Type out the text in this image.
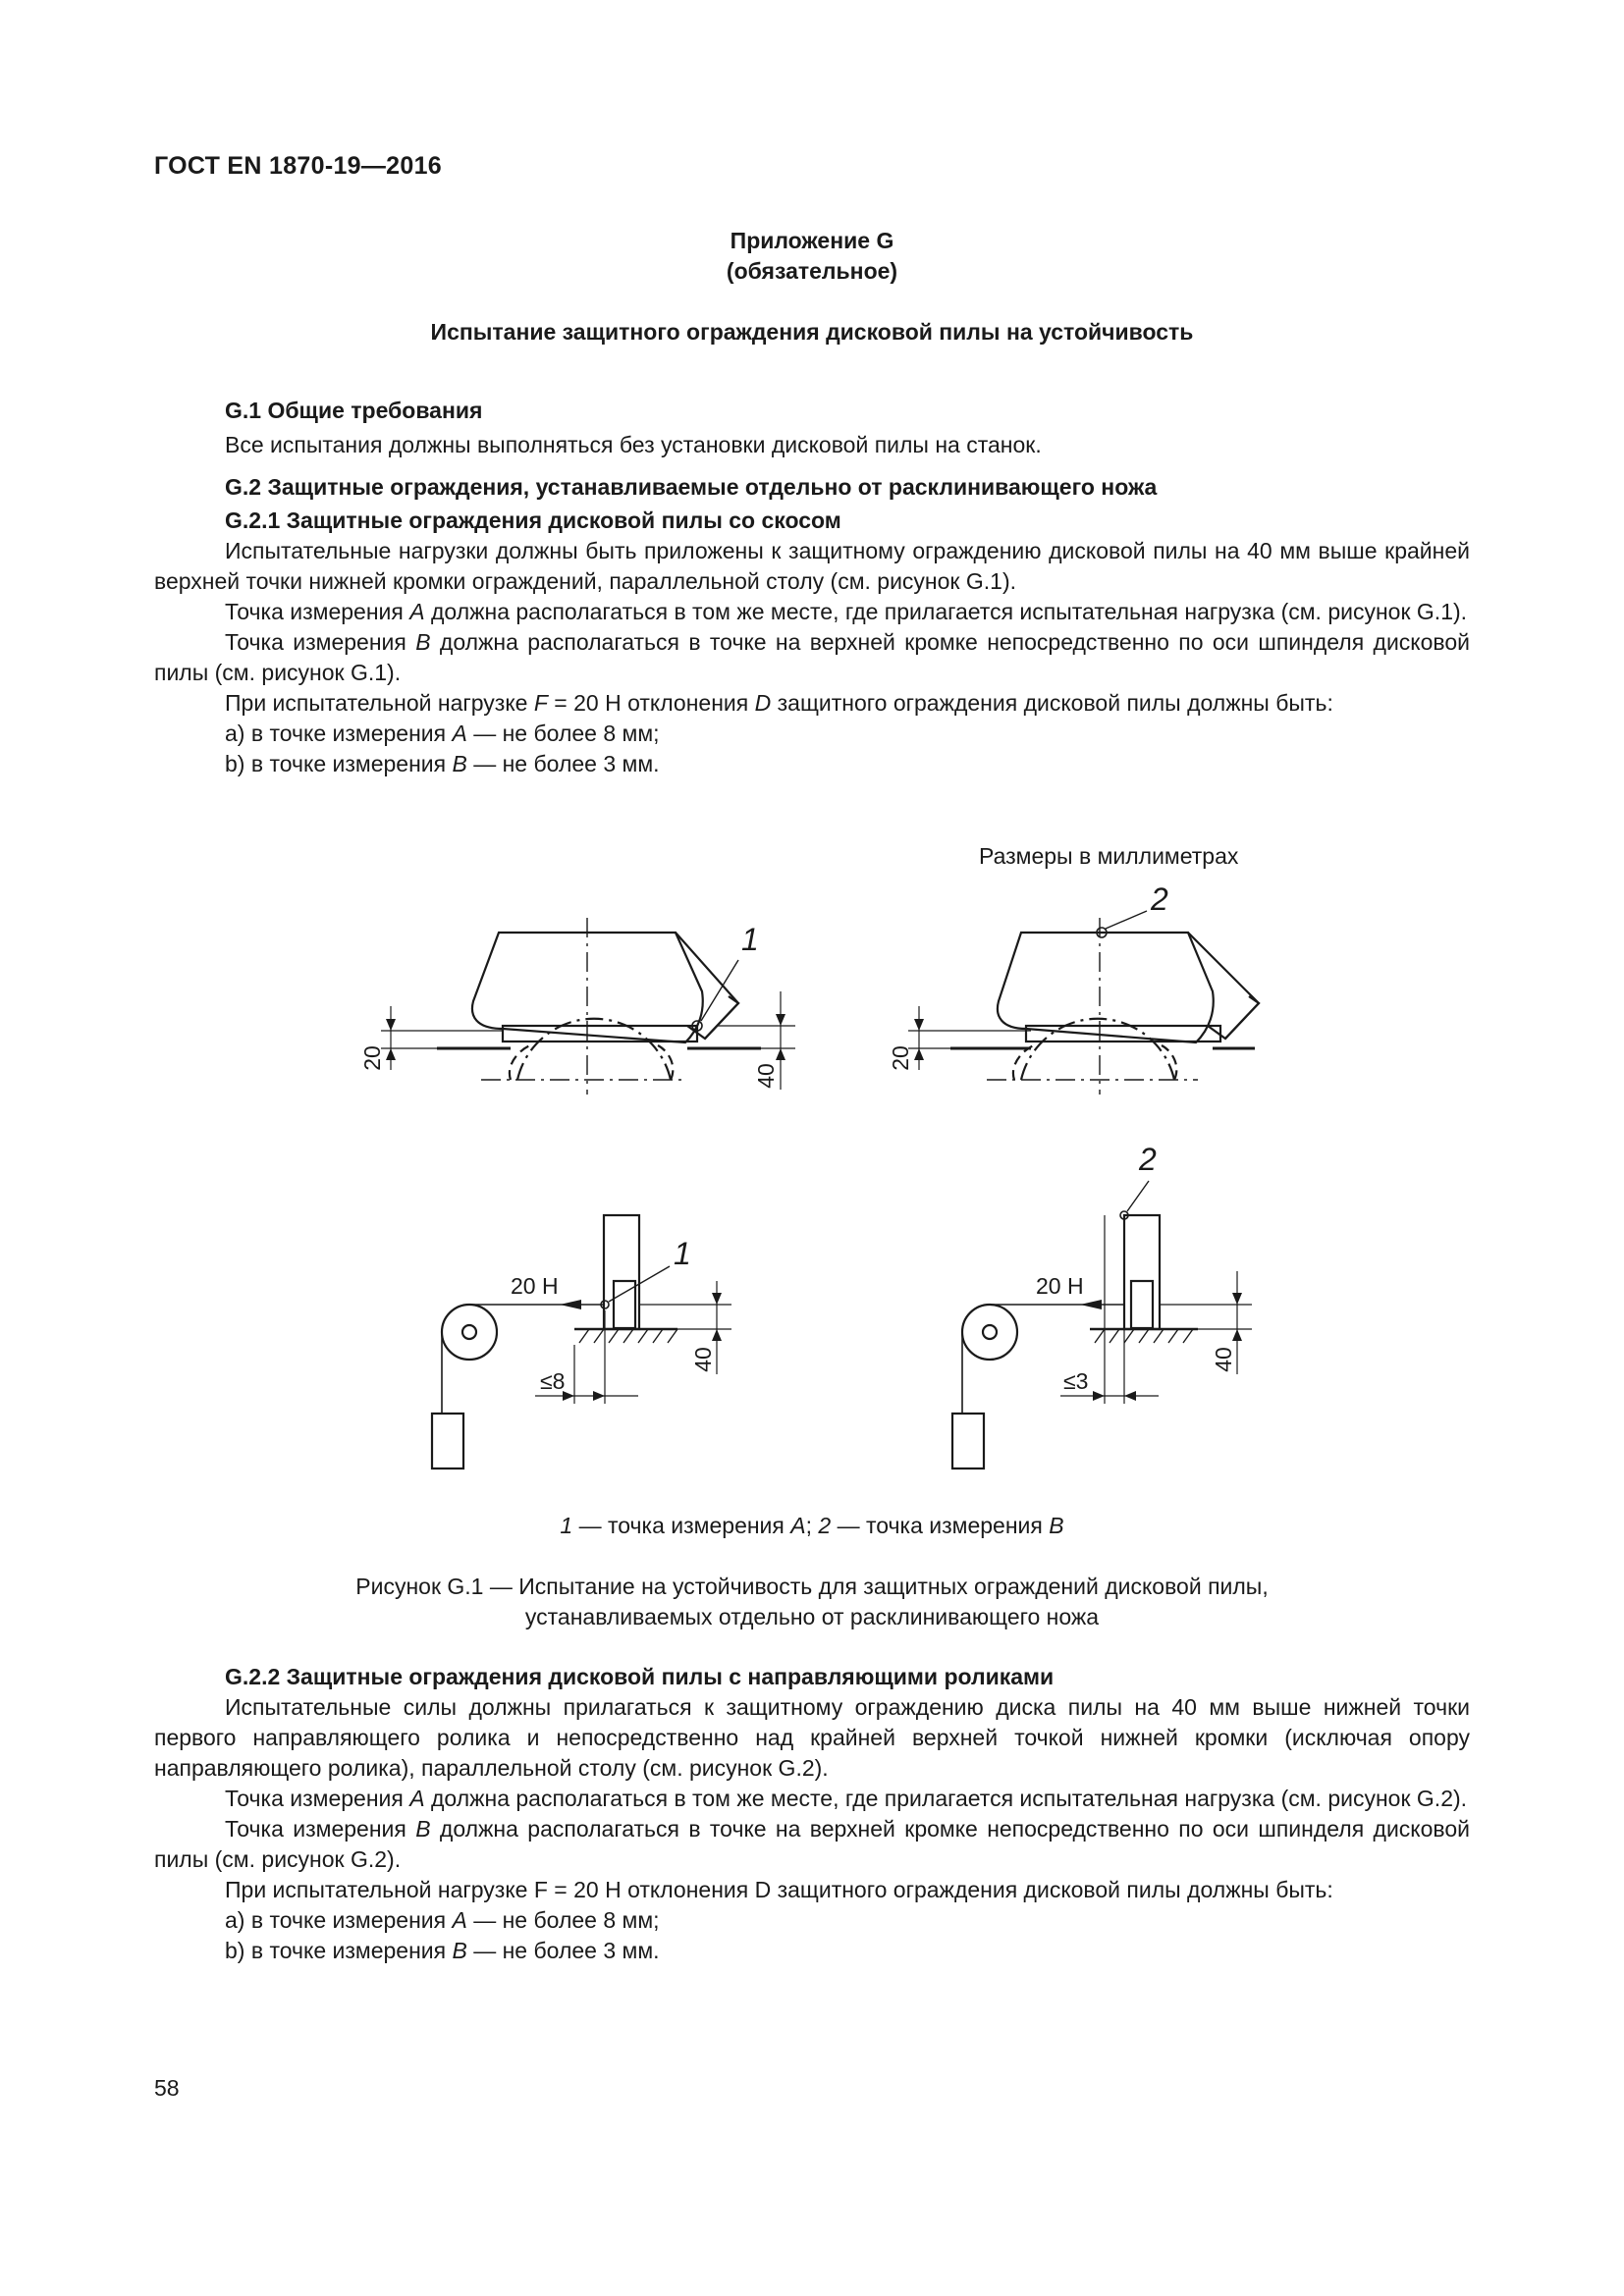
ГОСТ EN 1870-19—2016
Приложение G
(обязательное)
Испытание защитного ограждения дисковой пилы на устойчивость

G.1 Общие требования

Все испытания должны выполняться без установки дисковой пилы на станок.

G.2 Защитные ограждения, устанавливаемые отдельно от расклинивающего ножа

G.2.1 Защитные ограждения дисковой пилы со скосом

Испытательные нагрузки должны быть приложены к защитному ограждению дисковой пилы на 40 мм выше крайней верхней точки нижней кромки ограждений, параллельной столу (см. рисунок G.1).

Точка измерения A должна располагаться в том же месте, где прилагается испытательная нагрузка (см. рисунок G.1).

Точка измерения B должна располагаться в точке на верхней кромке непосредственно по оси шпинделя дисковой пилы (см. рисунок G.1).

При испытательной нагрузке F = 20 Н отклонения D защитного ограждения дисковой пилы должны быть:

a) в точке измерения A — не более 8 мм;

b) в точке измерения B — не более 3 мм.

Размеры в миллиметрах
1
2
1
2
20
40
20
20 Н	20 Н
40	40
≤8	≤3
1 — точка измерения A; 2 — точка измерения B
Рисунок G.1 — Испытание на устойчивость для защитных ограждений дисковой пилы,
устанавливаемых отдельно от расклинивающего ножа

G.2.2 Защитные ограждения дисковой пилы с направляющими роликами

Испытательные силы должны прилагаться к защитному ограждению диска пилы на 40 мм выше нижней точки первого направляющего ролика и непосредственно над крайней верхней точкой нижней кромки (исключая опору направляющего ролика), параллельной столу (см. рисунок G.2).

Точка измерения A должна располагаться в том же месте, где прилагается испытательная нагрузка (см. рисунок G.2).

Точка измерения B должна располагаться в точке на верхней кромке непосредственно по оси шпинделя дисковой пилы (см. рисунок G.2).

При испытательной нагрузке F = 20 Н отклонения D защитного ограждения дисковой пилы должны быть:

a) в точке измерения A — не более 8 мм;

b) в точке измерения B — не более 3 мм.

58
